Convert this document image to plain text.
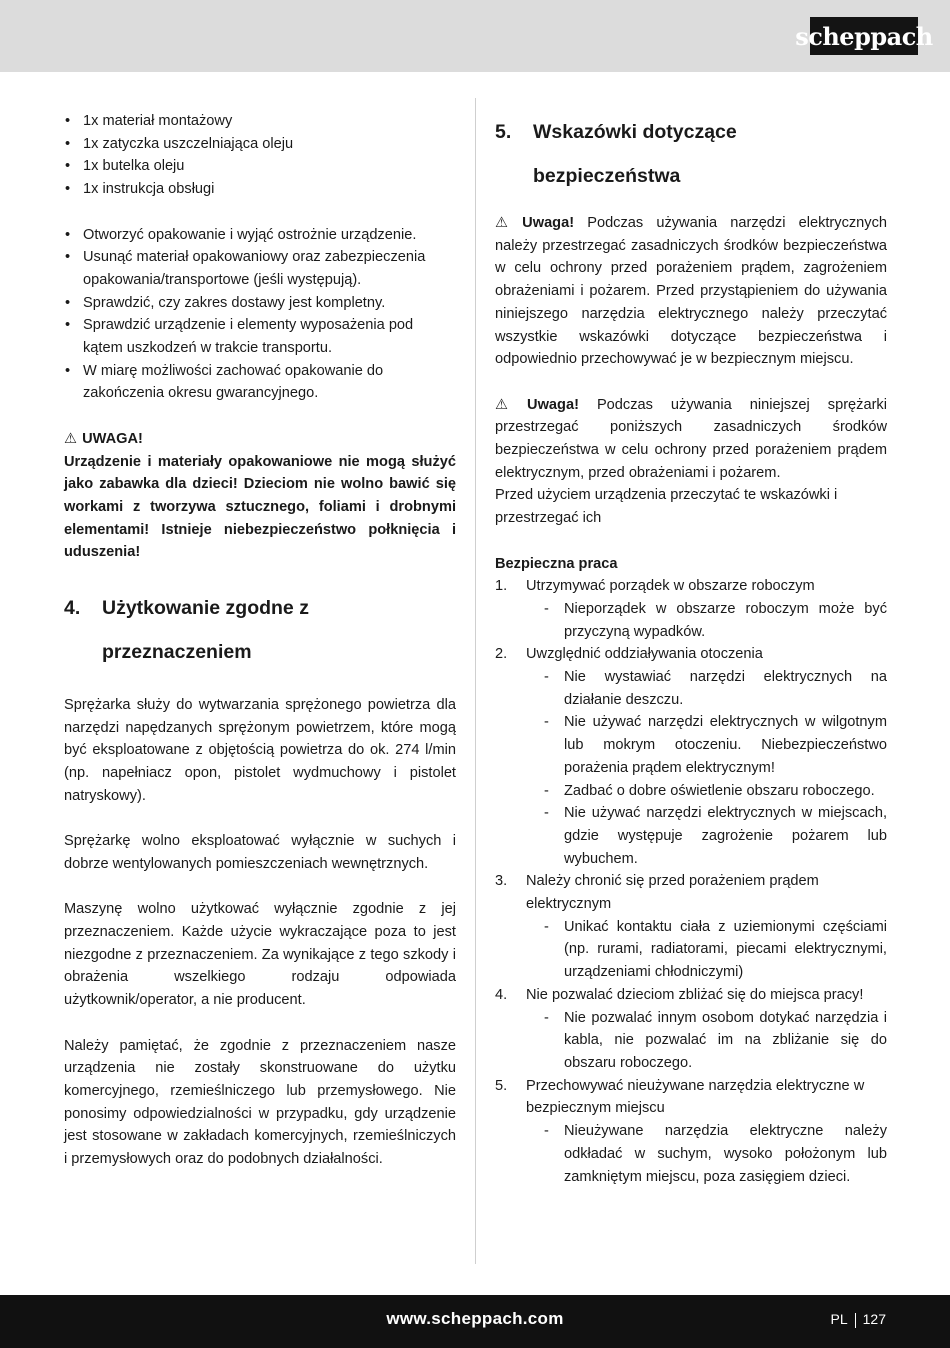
scheppach
• 1x materiał montażowy
• 1x zatyczka uszczelniająca oleju
• 1x butelka oleju
• 1x instrukcja obsługi
• Otworzyć opakowanie i wyjąć ostrożnie urządzenie.
• Usunąć materiał opakowaniowy oraz zabezpieczenia opakowania/transportowe (jeśli występują).
• Sprawdzić, czy zakres dostawy jest kompletny.
• Sprawdzić urządzenie i elementy wyposażenia pod kątem uszkodzeń w trakcie transportu.
• W miarę możliwości zachować opakowanie do zakończenia okresu gwarancyjnego.
⚠ UWAGA!

Urządzenie i materiały opakowaniowe nie mogą służyć jako zabawka dla dzieci! Dzieciom nie wolno bawić się workami z tworzywa sztucznego, foliami i drobnymi elementami! Istnieje niebezpieczeństwo połknięcia i uduszenia!

4.	Użytkowanie zgodne z
przeznaczeniem

Sprężarka służy do wytwarzania sprężonego powietrza dla narzędzi napędzanych sprężonym powietrzem, które mogą być eksploatowane z objętością powietrza do ok. 274 l/min (np. napełniacz opon, pistolet wydmuchowy i pistolet natryskowy).

Sprężarkę wolno eksploatować wyłącznie w suchych i dobrze wentylowanych pomieszczeniach wewnętrznych.

Maszynę wolno użytkować wyłącznie zgodnie z jej przeznaczeniem. Każde użycie wykraczające poza to jest niezgodne z przeznaczeniem. Za wynikające z tego szkody i obrażenia wszelkiego rodzaju odpowiada użytkownik/operator, a nie producent.

Należy pamiętać, że zgodnie z przeznaczeniem nasze urządzenia nie zostały skonstruowane do użytku komercyjnego, rzemieślniczego lub przemysłowego. Nie ponosimy odpowiedzialności w przypadku, gdy urządzenie jest stosowane w zakładach komercyjnych, rzemieślniczych i przemysłowych oraz do podobnych działalności.

5.	Wskazówki dotyczące
bezpieczeństwa

⚠ Uwaga! Podczas używania narzędzi elektrycznych należy przestrzegać zasadniczych środków bezpieczeństwa w celu ochrony przed porażeniem prądem, zagrożeniem obrażeniami i pożarem. Przed przystąpieniem do używania niniejszego narzędzia elektrycznego należy przeczytać wszystkie wskazówki dotyczące bezpieczeństwa i odpowiednio przechowywać je w bezpiecznym miejscu.

⚠ Uwaga! Podczas używania niniejszej sprężarki przestrzegać poniższych zasadniczych środków bezpieczeństwa w celu ochrony przed porażeniem prądem elektrycznym, przed obrażeniami i pożarem.

Przed użyciem urządzenia przeczytać te wskazówki i przestrzegać ich

Bezpieczna praca
1. Utrzymywać porządek w obszarze roboczym
- Nieporządek w obszarze roboczym może być przyczyną wypadków.
2. Uwzględnić oddziaływania otoczenia
- Nie wystawiać narzędzi elektrycznych na działanie deszczu.
- Nie używać narzędzi elektrycznych w wilgotnym lub mokrym otoczeniu. Niebezpieczeństwo porażenia prądem elektrycznym!
- Zadbać o dobre oświetlenie obszaru roboczego.
- Nie używać narzędzi elektrycznych w miejscach, gdzie występuje zagrożenie pożarem lub wybuchem.
3. Należy chronić się przed porażeniem prądem elektrycznym
- Unikać kontaktu ciała z uziemionymi częściami (np. rurami, radiatorami, piecami elektrycznymi, urządzeniami chłodniczymi)
4. Nie pozwalać dzieciom zbliżać się do miejsca pracy!
- Nie pozwalać innym osobom dotykać narzędzia i kabla, nie pozwalać im na zbliżanie się do obszaru roboczego.
5. Przechowywać nieużywane narzędzia elektryczne w bezpiecznym miejscu
- Nieużywane narzędzia elektryczne należy odkładać w suchym, wysoko położonym lub zamkniętym miejscu, poza zasięgiem dzieci.
www.scheppach.com	PL 127
